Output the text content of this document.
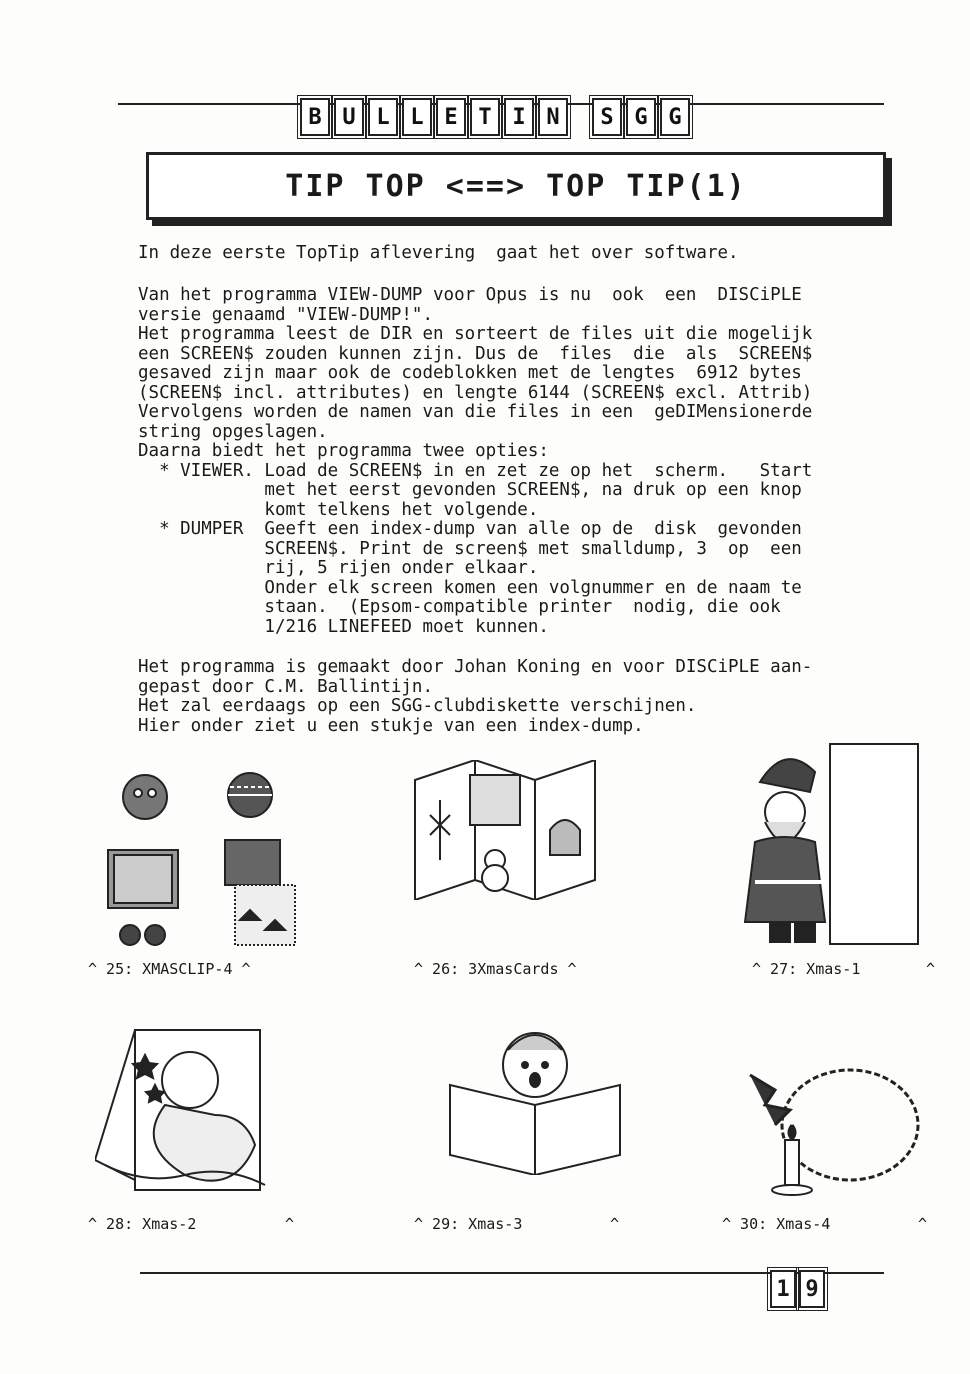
B U L L E T I N	S G G
TIP TOP <==> TOP TIP(1)
In deze eerste TopTip aflevering  gaat het over software.
Van het programma VIEW-DUMP voor Opus is nu  ook  een  DISCiPLE
versie genaamd "VIEW-DUMP!".
Het programma leest de DIR en sorteert de files uit die mogelijk
een SCREEN$ zouden kunnen zijn. Dus de  files  die  als  SCREEN$
gesaved zijn maar ook de codeblokken met de lengtes  6912 bytes
(SCREEN$ incl. attributes) en lengte 6144 (SCREEN$ excl. Attrib)
Vervolgens worden de namen van die files in een  geDIMensionerde
string opgeslagen.
Daarna biedt het programma twee opties:
* VIEWER. Load de SCREEN$ in en zet ze op het  scherm.   Start
met het eerst gevonden SCREEN$, na druk op een knop
komt telkens het volgende.
* DUMPER  Geeft een index-dump van alle op de  disk  gevonden
SCREEN$. Print de screen$ met smalldump, 3  op  een
rij, 5 rijen onder elkaar.
Onder elk screen komen een volgnummer en de naam te
staan.  (Epsom-compatible printer  nodig, die ook
1/216 LINEFEED moet kunnen.
Het programma is gemaakt door Johan Koning en voor DISCiPLE aan-
gepast door C.M. Ballintijn.
Het zal eerdaags op een SGG-clubdiskette verschijnen.
Hier onder ziet u een stukje van een index-dump.
^ 25: XMASCLIP-4 ^	^ 26: 3XmasCards ^	^ 27: Xmas-1	^
^ 28: Xmas-2	^	^ 29: Xmas-3	^	^ 30: Xmas-4	^
1 9
